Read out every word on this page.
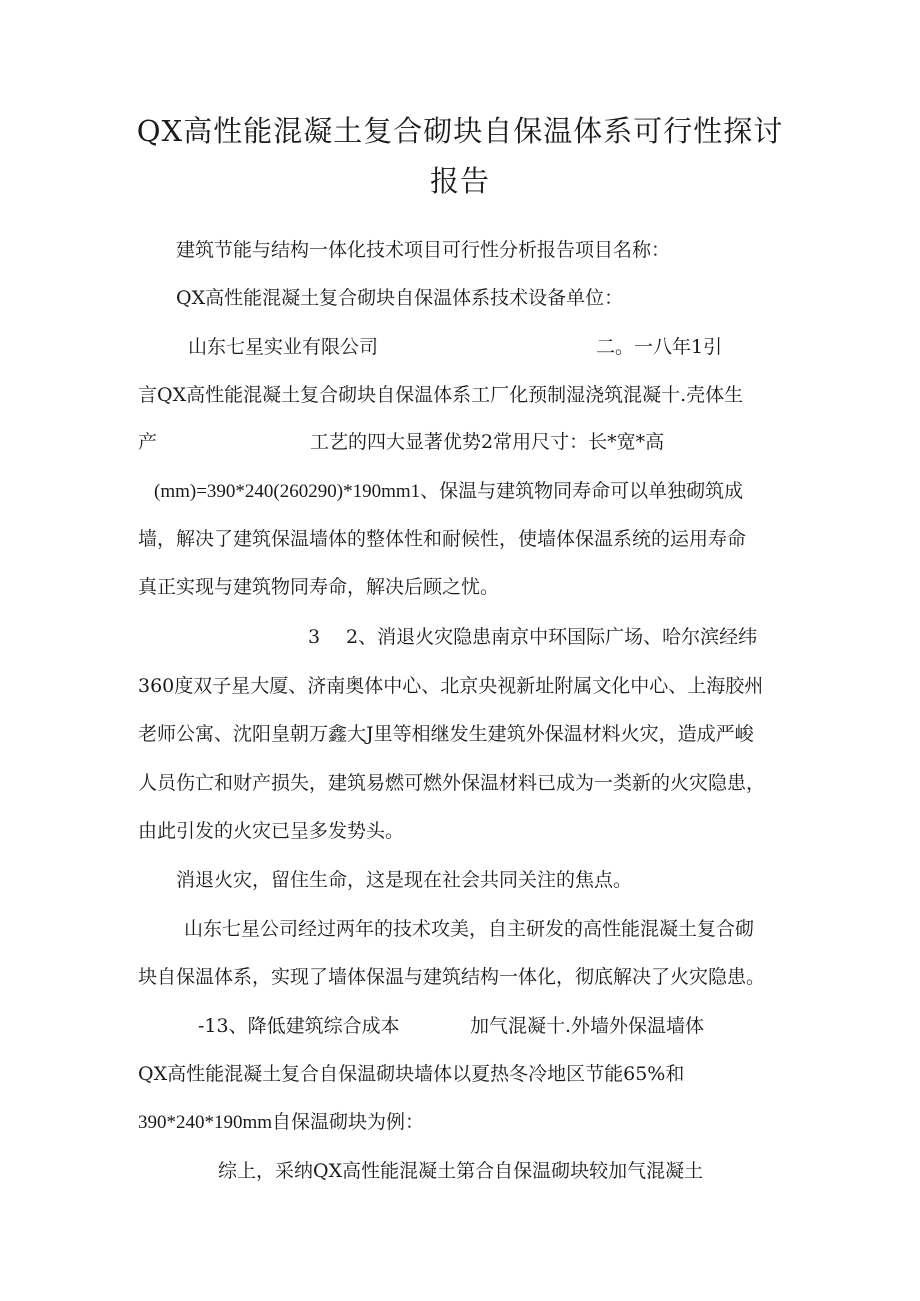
QX高性能混凝土复合砌块自保温体系可行性探讨
报告
建筑节能与结构一体化技术项目可行性分析报告项目名称：
QX高性能混凝土复合砌块自保温体系技术设备单位：
山东七星实业有限公司	二。一八年1引
言QX高性能混凝土复合砌块自保温体系工厂化预制湿浇筑混凝十.壳体生
产	工艺的四大显著优势2常用尺寸：长*宽*高
(mm)=390*240(260290)*190mm1、保温与建筑物同寿命可以单独砌筑成
墙，解决了建筑保温墙体的整体性和耐候性，使墙体保温系统的运用寿命
真正实现与建筑物同寿命，解决后顾之忧。
3 2、消退火灾隐患南京中环国际广场、哈尔滨经纬
360度双子星大厦、济南奥体中心、北京央视新址附属文化中心、上海胶州
老师公寓、沈阳皇朝万鑫大J里等相继发生建筑外保温材料火灾，造成严峻
人员伤亡和财产损失，建筑易燃可燃外保温材料已成为一类新的火灾隐患，
由此引发的火灾已呈多发势头。
消退火灾，留住生命，这是现在社会共同关注的焦点。
山东七星公司经过两年的技术攻美，自主研发的高性能混凝土复合砌
块自保温体系，实现了墙体保温与建筑结构一体化，彻底解决了火灾隐患。
-13、降低建筑综合成本	加气混凝十.外墙外保温墙体
QX高性能混凝土复合自保温砌块墙体以夏热冬冷地区节能65%和
390*240*190mm自保温砌块为例：
综上，采纳QX高性能混凝土第合自保温砌块较加气混凝土
